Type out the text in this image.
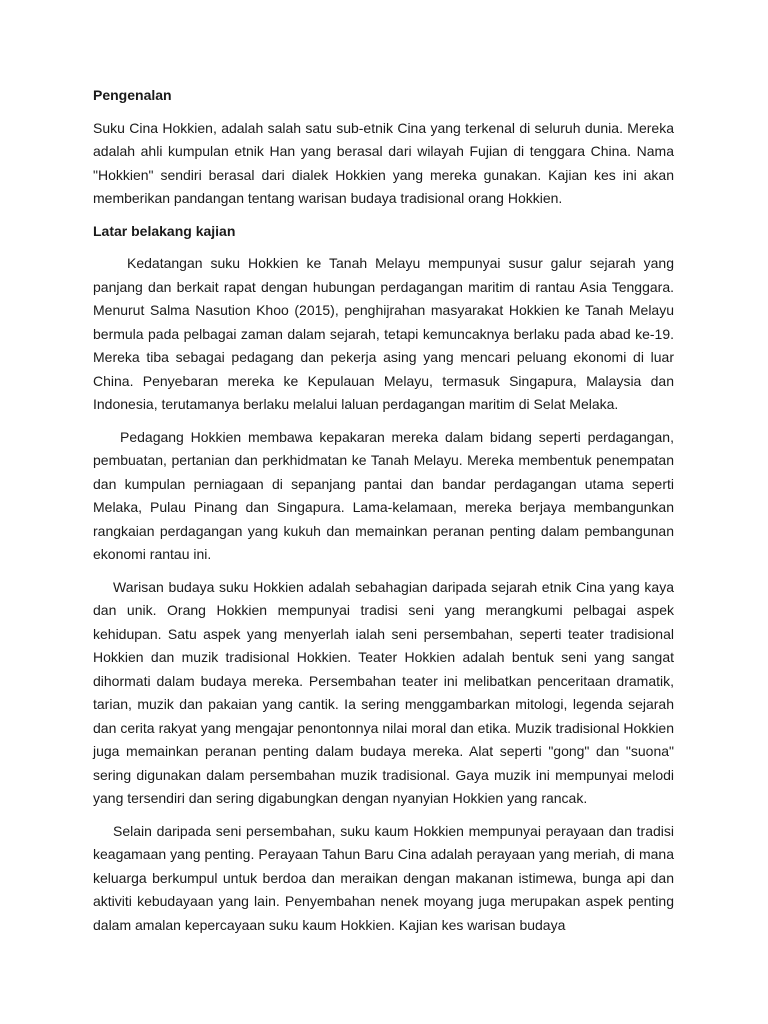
Pengenalan

Suku Cina Hokkien, adalah salah satu sub-etnik Cina yang terkenal di seluruh dunia. Mereka adalah ahli kumpulan etnik Han yang berasal dari wilayah Fujian di tenggara China. Nama "Hokkien" sendiri berasal dari dialek Hokkien yang mereka gunakan. Kajian kes ini akan memberikan pandangan tentang warisan budaya tradisional orang Hokkien.

Latar belakang kajian

Kedatangan suku Hokkien ke Tanah Melayu mempunyai susur galur sejarah yang panjang dan berkait rapat dengan hubungan perdagangan maritim di rantau Asia Tenggara. Menurut Salma Nasution Khoo (2015), penghijrahan masyarakat Hokkien ke Tanah Melayu bermula pada pelbagai zaman dalam sejarah, tetapi kemuncaknya berlaku pada abad ke-19. Mereka tiba sebagai pedagang dan pekerja asing yang mencari peluang ekonomi di luar China. Penyebaran mereka ke Kepulauan Melayu, termasuk Singapura, Malaysia dan Indonesia, terutamanya berlaku melalui laluan perdagangan maritim di Selat Melaka.

Pedagang Hokkien membawa kepakaran mereka dalam bidang seperti perdagangan, pembuatan, pertanian dan perkhidmatan ke Tanah Melayu. Mereka membentuk penempatan dan kumpulan perniagaan di sepanjang pantai dan bandar perdagangan utama seperti Melaka, Pulau Pinang dan Singapura. Lama-kelamaan, mereka berjaya membangunkan rangkaian perdagangan yang kukuh dan memainkan peranan penting dalam pembangunan ekonomi rantau ini.

Warisan budaya suku Hokkien adalah sebahagian daripada sejarah etnik Cina yang kaya dan unik. Orang Hokkien mempunyai tradisi seni yang merangkumi pelbagai aspek kehidupan. Satu aspek yang menyerlah ialah seni persembahan, seperti teater tradisional Hokkien dan muzik tradisional Hokkien. Teater Hokkien adalah bentuk seni yang sangat dihormati dalam budaya mereka. Persembahan teater ini melibatkan penceritaan dramatik, tarian, muzik dan pakaian yang cantik. Ia sering menggambarkan mitologi, legenda sejarah dan cerita rakyat yang mengajar penontonnya nilai moral dan etika. Muzik tradisional Hokkien juga memainkan peranan penting dalam budaya mereka. Alat seperti "gong" dan "suona" sering digunakan dalam persembahan muzik tradisional. Gaya muzik ini mempunyai melodi yang tersendiri dan sering digabungkan dengan nyanyian Hokkien yang rancak.

Selain daripada seni persembahan, suku kaum Hokkien mempunyai perayaan dan tradisi keagamaan yang penting. Perayaan Tahun Baru Cina adalah perayaan yang meriah, di mana keluarga berkumpul untuk berdoa dan meraikan dengan makanan istimewa, bunga api dan aktiviti kebudayaan yang lain. Penyembahan nenek moyang juga merupakan aspek penting dalam amalan kepercayaan suku kaum Hokkien. Kajian kes warisan budaya
